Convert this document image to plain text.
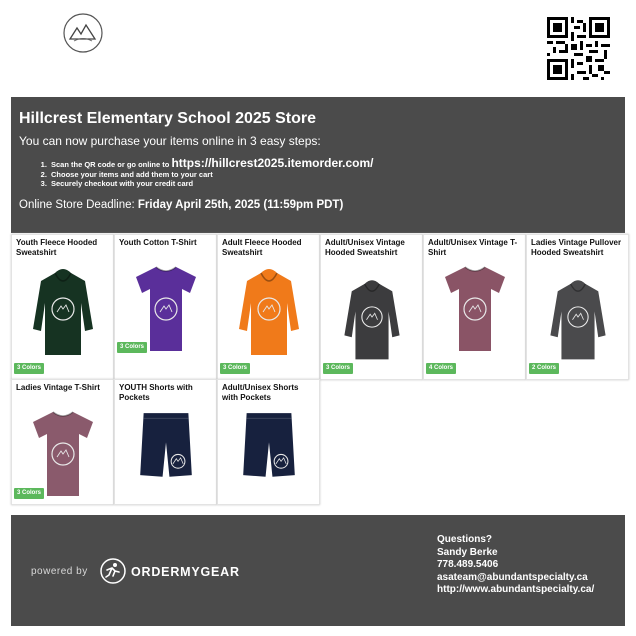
Hillcrest Elementary School 2025 Store

You can now purchase your items online in 3 easy steps:

1. Scan the QR code or go online to https://hillcrest2025.itemorder.com/
2. Choose your items and add them to your cart
3. Securely checkout with your credit card

Online Store Deadline: Friday April 25th, 2025 (11:59pm PDT)

Youth Fleece Hooded Sweatshirt
3 Colors
Youth Cotton T-Shirt
3 Colors
Adult Fleece Hooded Sweatshirt
3 Colors
Adult/Unisex Vintage Hooded Sweatshirt
3 Colors
Adult/Unisex Vintage T-Shirt
4 Colors
Ladies Vintage Pullover Hooded Sweatshirt
2 Colors
Ladies Vintage T-Shirt
3 Colors
YOUTH Shorts with Pockets
Adult/Unisex Shorts with Pockets
powered by	ORDERMYGEAR
Questions?
Sandy Berke
778.489.5406
asateam@abundantspecialty.ca
http://www.abundantspecialty.ca/
